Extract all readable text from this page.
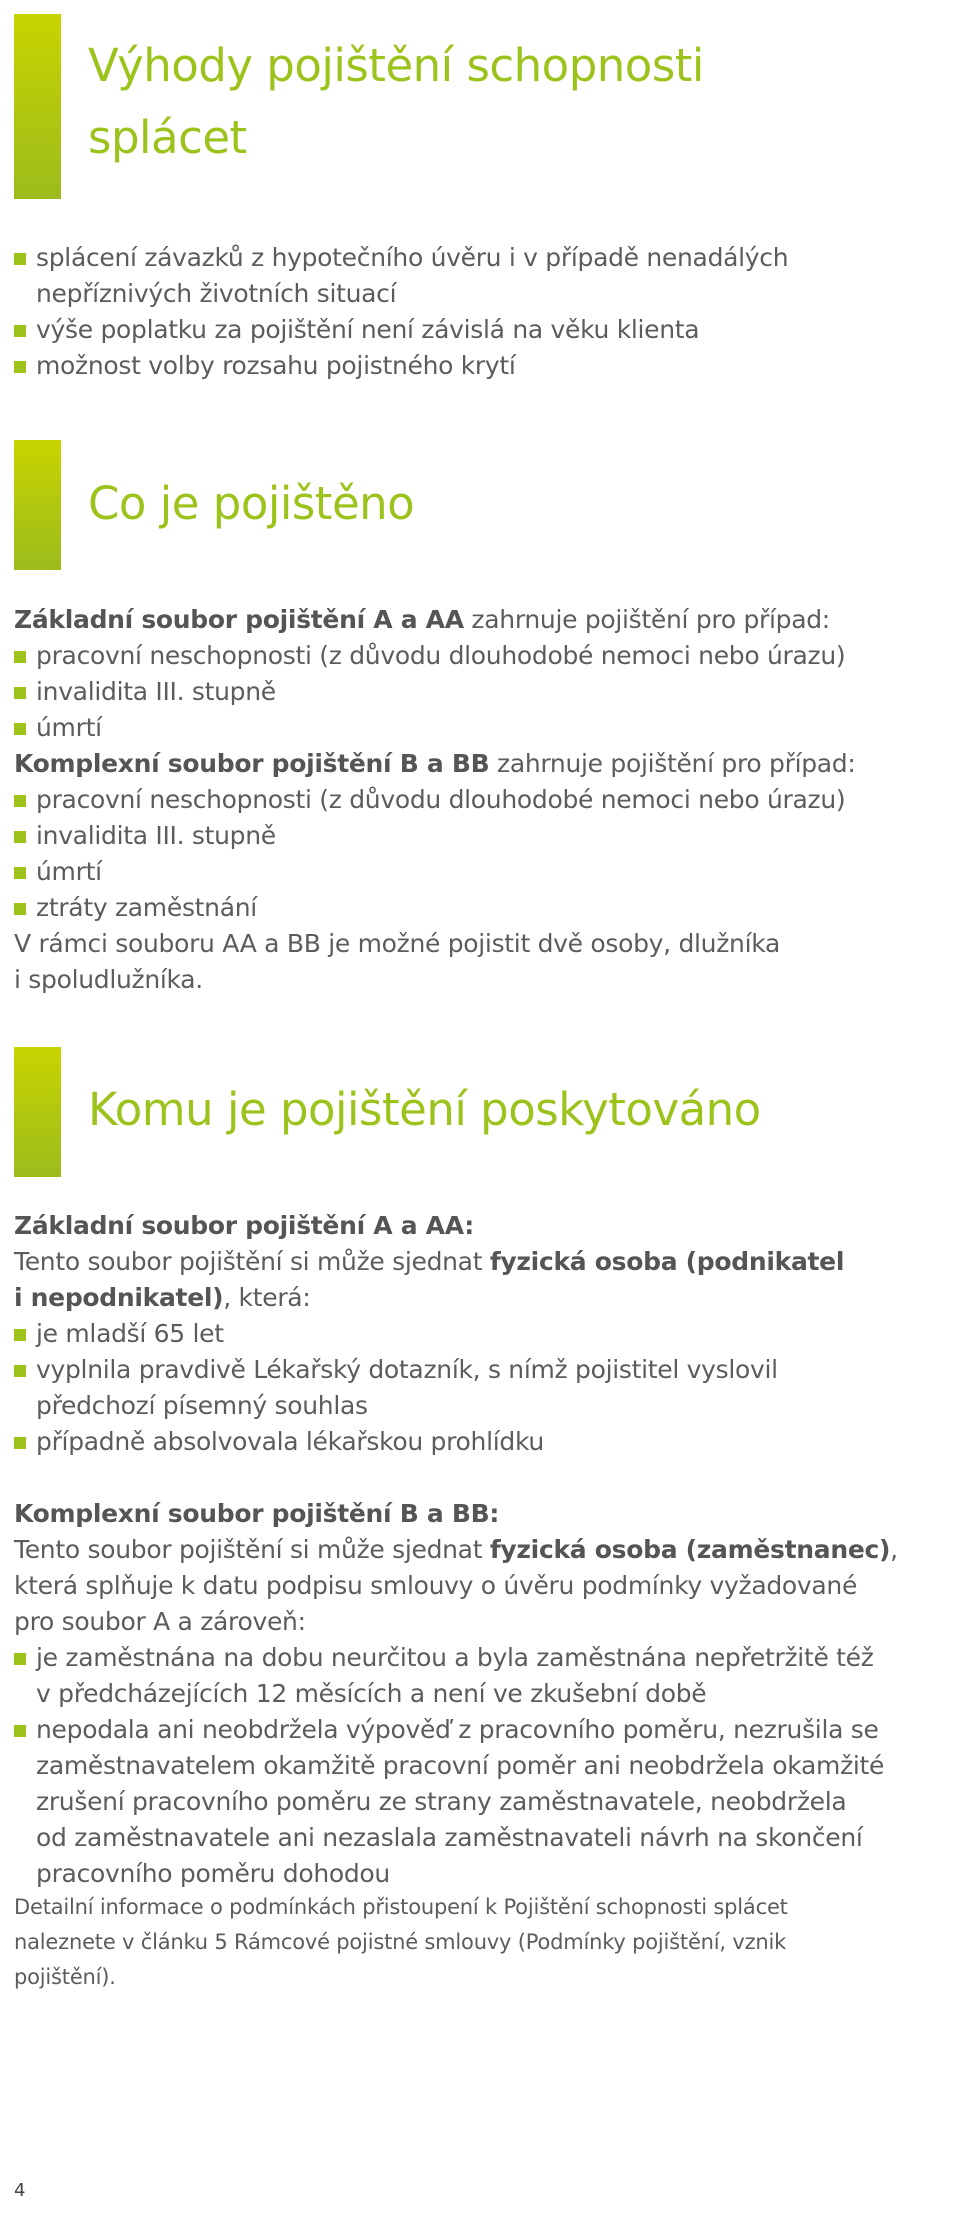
Výhody pojištění schopnosti
splácet
splácení závazků z hypotečního úvěru i v případě nenadálých
nepříznivých životních situací
výše poplatku za pojištění není závislá na věku klienta
možnost volby rozsahu pojistného krytí
Co je pojištěno
Základní soubor pojištění A a AA zahrnuje pojištění pro případ:
pracovní neschopnosti (z důvodu dlouhodobé nemoci nebo úrazu)
invalidita III. stupně
úmrtí
Komplexní soubor pojištění B a BB zahrnuje pojištění pro případ:
pracovní neschopnosti (z důvodu dlouhodobé nemoci nebo úrazu)
invalidita III. stupně
úmrtí
ztráty zaměstnání
V rámci souboru AA a BB je možné pojistit dvě osoby, dlužníka
i spoludlužníka.
Komu je pojištění poskytováno
Základní soubor pojištění A a AA:
Tento soubor pojištění si může sjednat fyzická osoba (podnikatel
i nepodnikatel), která:
je mladší 65 let
vyplnila pravdivě Lékařský dotazník, s nímž pojistitel vyslovil
předchozí písemný souhlas
případně absolvovala lékařskou prohlídku
Komplexní soubor pojištění B a BB:
Tento soubor pojištění si může sjednat fyzická osoba (zaměstnanec),
která splňuje k datu podpisu smlouvy o úvěru podmínky vyžadované
pro soubor A a zároveň:
je zaměstnána na dobu neurčitou a byla zaměstnána nepřetržitě též
v předcházejících 12 měsících a není ve zkušební době
nepodala ani neobdržela výpověď z pracovního poměru, nezrušila se
zaměstnavatelem okamžitě pracovní poměr ani neobdržela okamžité
zrušení pracovního poměru ze strany zaměstnavatele, neobdržela
od zaměstnavatele ani nezaslala zaměstnavateli návrh na skončení
pracovního poměru dohodou
Detailní informace o podmínkách přistoupení k Pojištění schopnosti splácet
naleznete v článku 5 Rámcové pojistné smlouvy (Podmínky pojištění, vznik
pojištění).
4
